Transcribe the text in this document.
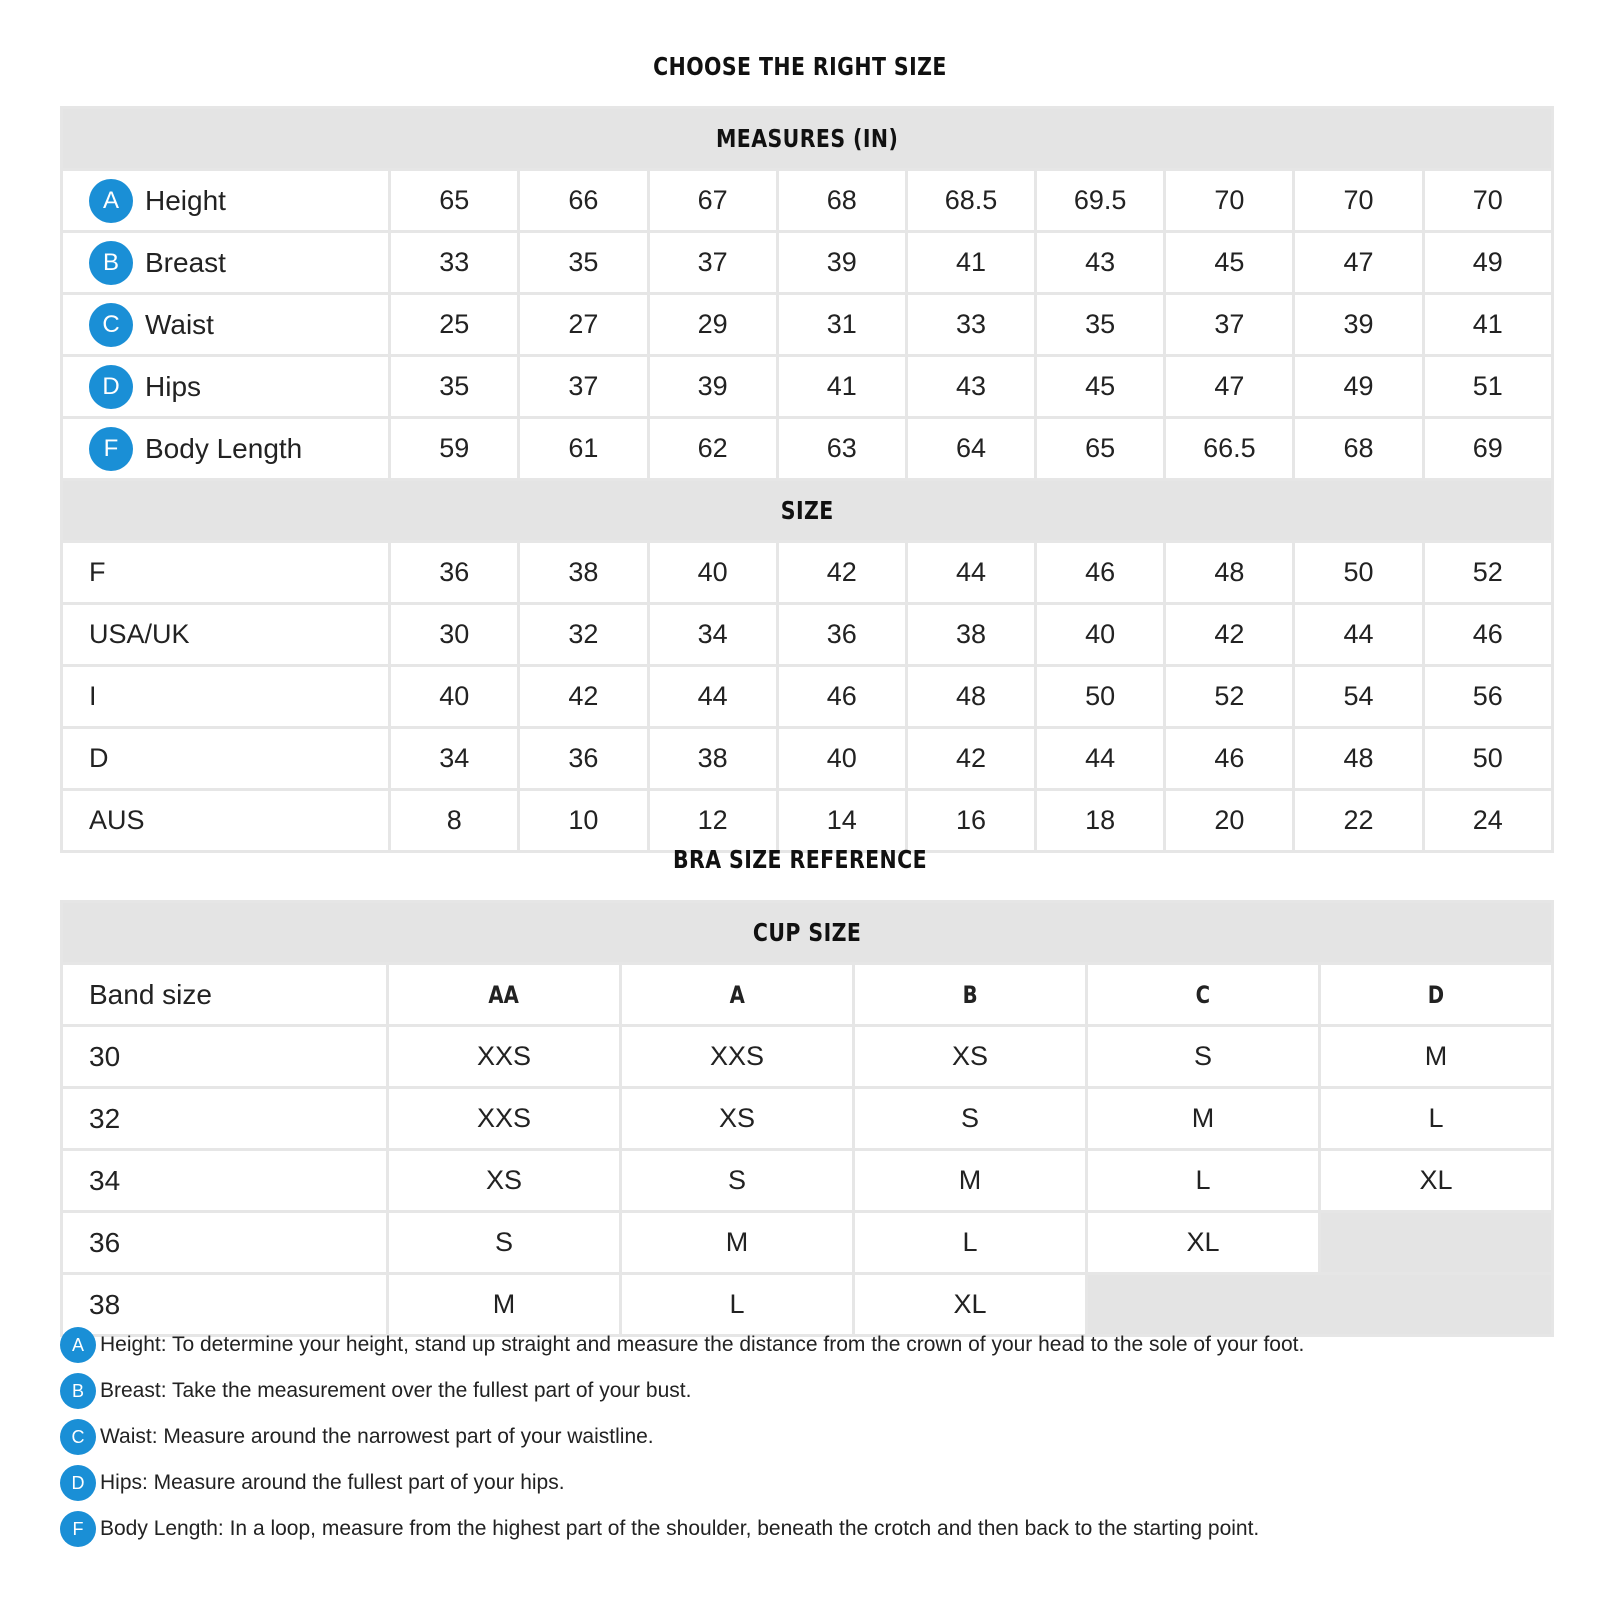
CHOOSE THE RIGHT SIZE
MEASURES (IN)									
A Height	65	66	67	68	68.5	69.5	70	70	70
B Breast	33	35	37	39	41	43	45	47	49
C Waist	25	27	29	31	33	35	37	39	41
D Hips	35	37	39	41	43	45	47	49	51
F Body Length	59	61	62	63	64	65	66.5	68	69
SIZE									
F	36	38	40	42	44	46	48	50	52
USA/UK	30	32	34	36	38	40	42	44	46
I	40	42	44	46	48	50	52	54	56
D	34	36	38	40	42	44	46	48	50
AUS	8	10	12	14	16	18	20	22	24
BRA SIZE REFERENCE
CUP SIZE					
Band size	AA	A	B	C	D
30	XXS	XXS	XS	S	M
32	XXS	XS	S	M	L
34	XS	S	M	L	XL
36	S	M	L	XL	
38	M	L	XL		
A Height: To determine your height, stand up straight and measure the distance from the crown of your head to the sole of your foot.
B Breast: Take the measurement over the fullest part of your bust.
C Waist: Measure around the narrowest part of your waistline.
D Hips: Measure around the fullest part of your hips.
F Body Length: In a loop, measure from the highest part of the shoulder, beneath the crotch and then back to the starting point.
